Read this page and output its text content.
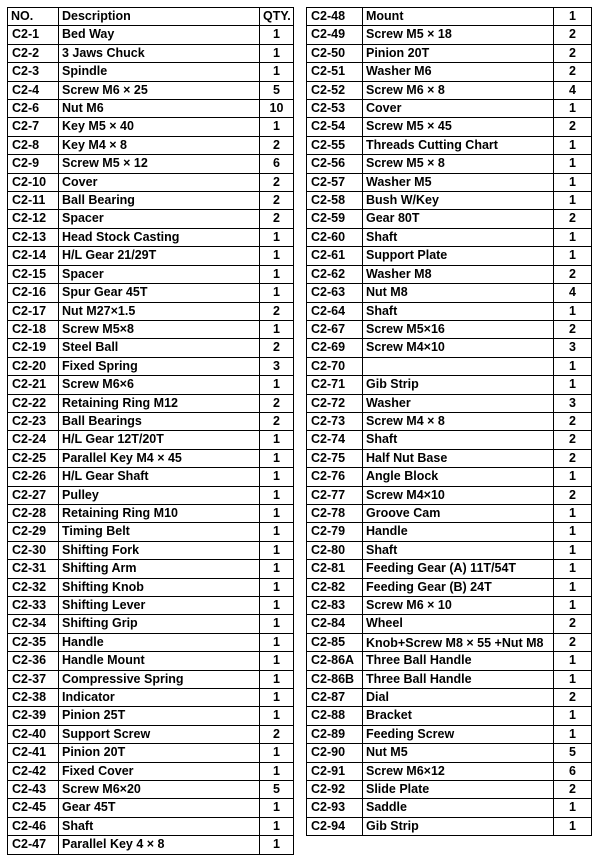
NO.	Description	QTY.
C2-1	Bed Way	1
C2-2	3 Jaws Chuck	1
C2-3	Spindle	1
C2-4	Screw M6 × 25	5
C2-6	Nut M6	10
C2-7	Key M5 × 40	1
C2-8	Key M4 × 8	2
C2-9	Screw M5 × 12	6
C2-10	Cover	2
C2-11	Ball Bearing	2
C2-12	Spacer	2
C2-13	Head Stock Casting	1
C2-14	H/L Gear 21/29T	1
C2-15	Spacer	1
C2-16	Spur Gear 45T	1
C2-17	Nut M27×1.5	2
C2-18	Screw M5×8	1
C2-19	Steel Ball	2
C2-20	Fixed Spring	3
C2-21	Screw M6×6	1
C2-22	Retaining Ring M12	2
C2-23	Ball Bearings	2
C2-24	H/L Gear 12T/20T	1
C2-25	Parallel Key M4 × 45	1
C2-26	H/L Gear Shaft	1
C2-27	Pulley	1
C2-28	Retaining Ring M10	1
C2-29	Timing Belt	1
C2-30	Shifting Fork	1
C2-31	Shifting Arm	1
C2-32	Shifting Knob	1
C2-33	Shifting Lever	1
C2-34	Shifting Grip	1
C2-35	Handle	1
C2-36	Handle Mount	1
C2-37	Compressive Spring	1
C2-38	Indicator	1
C2-39	Pinion 25T	1
C2-40	Support Screw	2
C2-41	Pinion 20T	1
C2-42	Fixed Cover	1
C2-43	Screw M6×20	5
C2-45	Gear 45T	1
C2-46	Shaft	1
C2-47	Parallel Key 4 × 8	1
C2-48	Mount	1
C2-49	Screw M5 × 18	2
C2-50	Pinion 20T	2
C2-51	Washer M6	2
C2-52	Screw M6 × 8	4
C2-53	Cover	1
C2-54	Screw M5 × 45	2
C2-55	Threads Cutting Chart	1
C2-56	Screw M5 × 8	1
C2-57	Washer M5	1
C2-58	Bush W/Key	1
C2-59	Gear 80T	2
C2-60	Shaft	1
C2-61	Support Plate	1
C2-62	Washer M8	2
C2-63	Nut M8	4
C2-64	Shaft	1
C2-67	Screw M5×16	2
C2-69	Screw M4×10	3
C2-70		1
C2-71	Gib Strip	1
C2-72	Washer	3
C2-73	Screw M4 × 8	2
C2-74	Shaft	2
C2-75	Half Nut Base	2
C2-76	Angle Block	1
C2-77	Screw M4×10	2
C2-78	Groove Cam	1
C2-79	Handle	1
C2-80	Shaft	1
C2-81	Feeding Gear (A) 11T/54T	1
C2-82	Feeding Gear (B) 24T	1
C2-83	Screw M6 × 10	1
C2-84	Wheel	2
C2-85	Knob+Screw M8 × 55 +Nut M8	2
C2-86A	Three Ball Handle	1
C2-86B	Three Ball Handle	1
C2-87	Dial	2
C2-88	Bracket	1
C2-89	Feeding Screw	1
C2-90	Nut M5	5
C2-91	Screw M6×12	6
C2-92	Slide Plate	2
C2-93	Saddle	1
C2-94	Gib Strip	1
